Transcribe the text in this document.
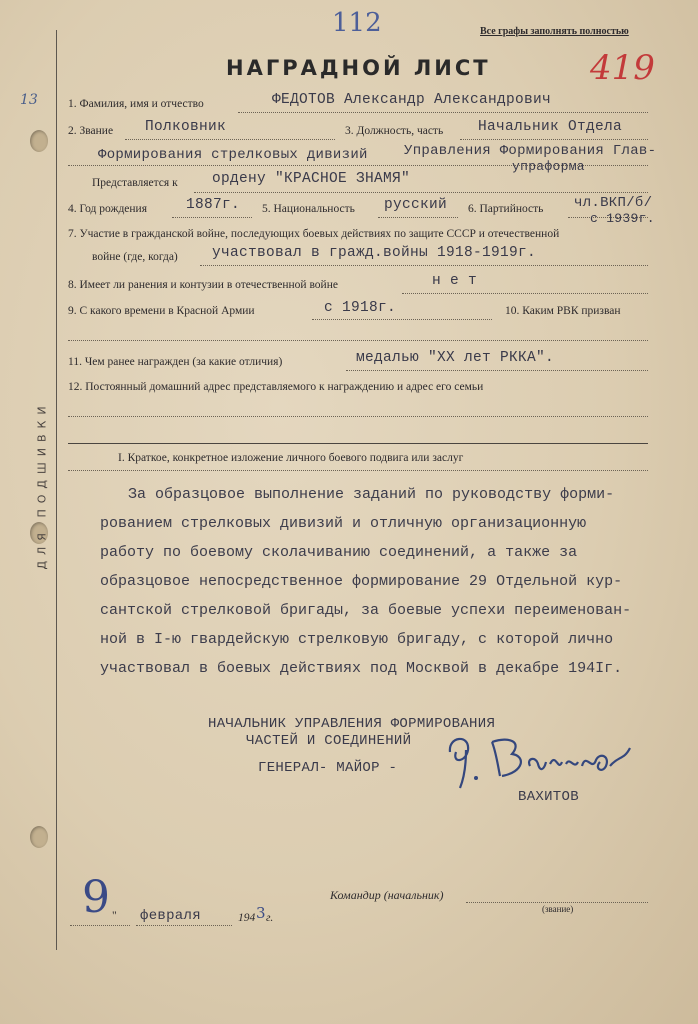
ДЛЯ ПОДШИВКИ
13
112	Все графы заполнять полностью
НАГРАДНОЙ ЛИСТ	419
1. Фамилия, имя и отчество	ФЕДОТОВ Александр Александрович
2. Звание Полковник	3. Должность, часть Начальник Отдела
Формирования стрелковых дивизий	Управления Формирования Глав-
упраформа
Представляется к ордену "КРАСНОЕ ЗНАМЯ"
4. Год рождения	1887г. 5. Национальность русский 6. Партийность чл.ВКП/б/
с 1939г.
7. Участие в гражданской войне, последующих боевых действиях по защите СССР и отечественной
войне (где, когда) участвовал в гражд.войны 1918-1919г.
8. Имеет ли ранения и контузии в отечественной войне	н е т
9. С какого времени в Красной Армии	с 1918г.	10. Каким РВК призван
11. Чем ранее награжден (за какие отличия)	медалью "XX лет РККА".
12. Постоянный домашний адрес представляемого к награждению и адрес его семьи
I. Краткое, конкретное изложение личного боевого подвига или заслуг
За образцовое выполнение заданий по руководству форми-
рованием стрелковых дивизий и отличную организационную
работу по боевому сколачиванию соединений, а также за
образцовое непосредственное формирование 29 Отдельной кур-
сантской стрелковой бригады, за боевые успехи переименован-
ной в I-ю гвардейскую стрелковую бригаду, с которой лично
участвовал в боевых действиях под Москвой в декабре 194Iг.
НАЧАЛЬНИК УПРАВЛЕНИЯ ФОРМИРОВАНИЯ
ЧАСТЕЙ И СОЕДИНЕНИЙ
ГЕНЕРАЛ- МАЙОР -
ВАХИТОВ
Командир (начальник)
(звание)
9 " февраля	194 3 г.
